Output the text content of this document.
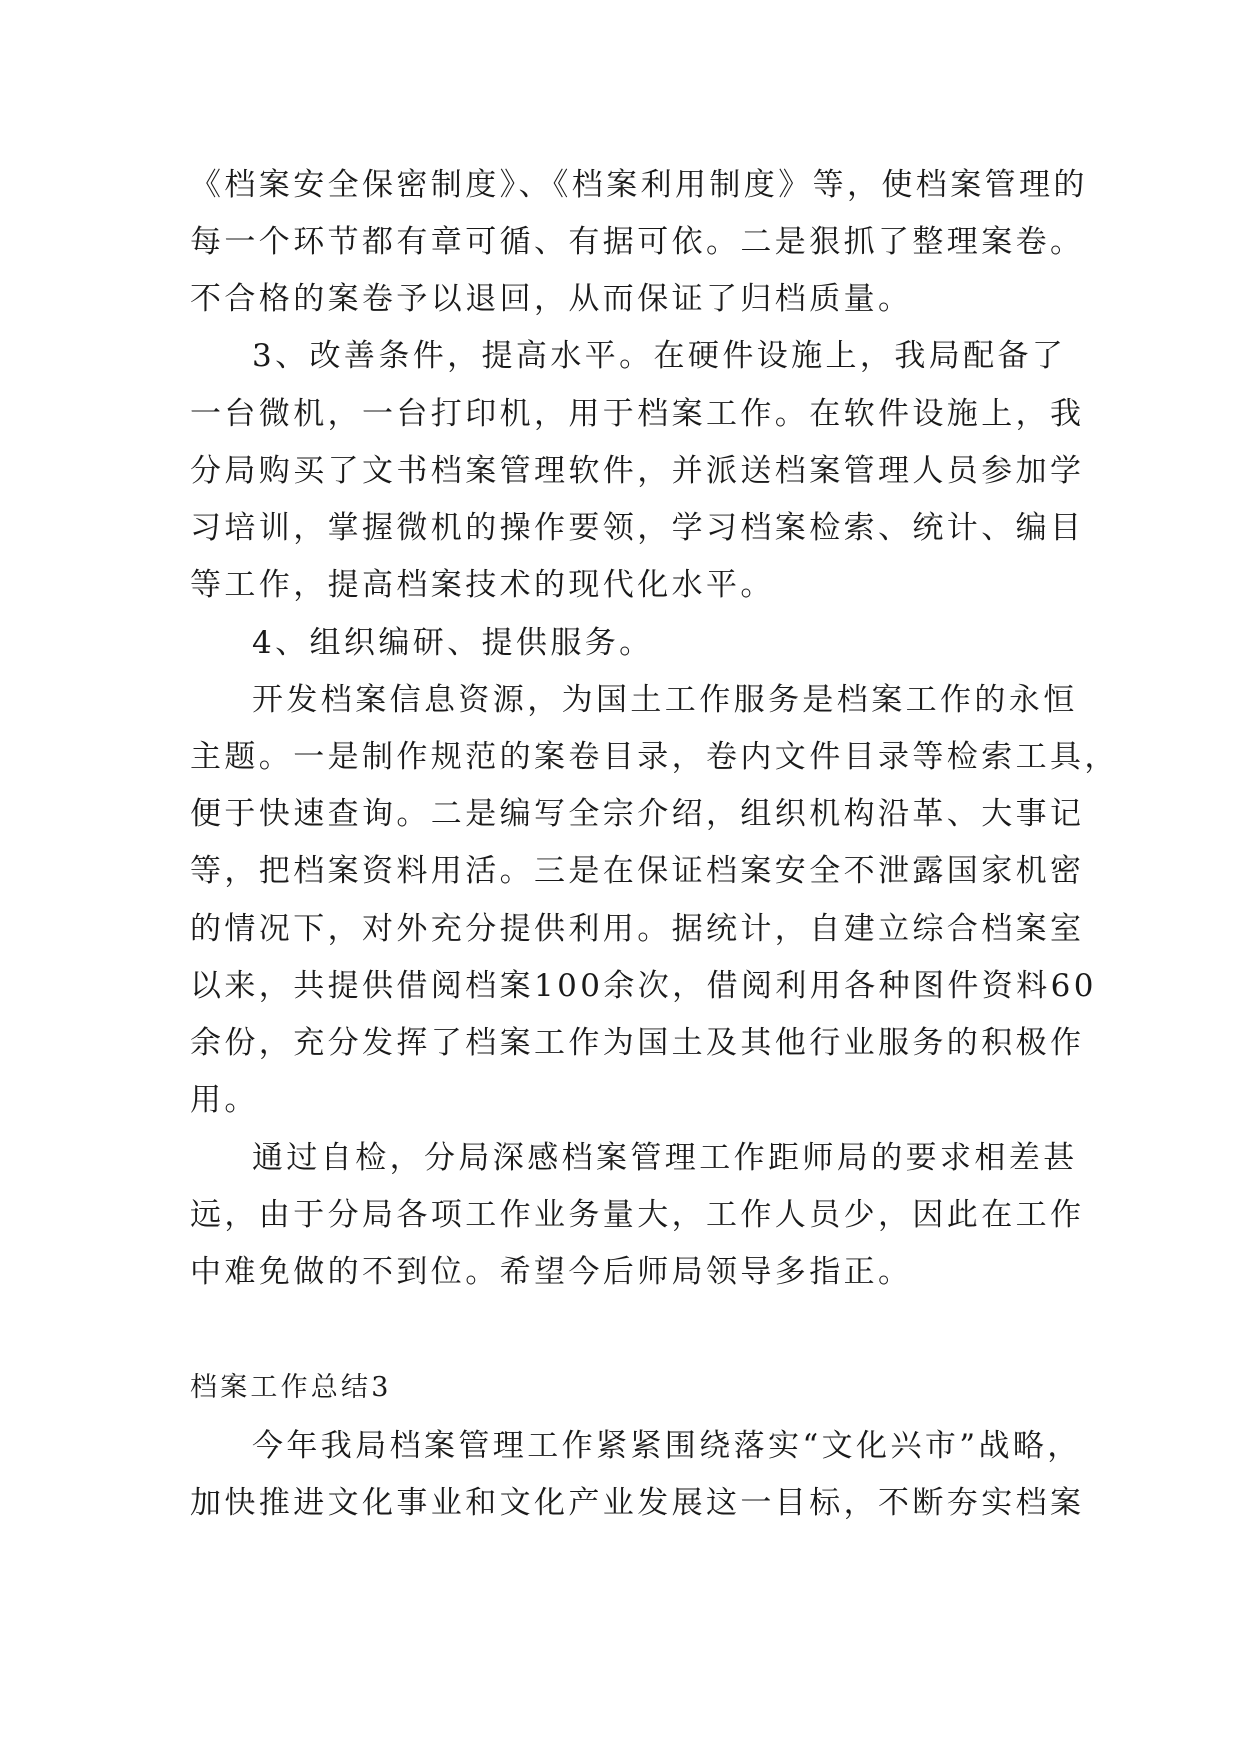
《档案安全保密制度》、《档案利用制度》等，使档案管理的
每一个环节都有章可循、有据可依。二是狠抓了整理案卷。
不合格的案卷予以退回，从而保证了归档质量。
3、改善条件，提高水平。在硬件设施上，我局配备了
一台微机，一台打印机，用于档案工作。在软件设施上，我
分局购买了文书档案管理软件，并派送档案管理人员参加学
习培训，掌握微机的操作要领，学习档案检索、统计、编目
等工作，提高档案技术的现代化水平。
4、组织编研、提供服务。
开发档案信息资源，为国土工作服务是档案工作的永恒
主题。一是制作规范的案卷目录，卷内文件目录等检索工具，
便于快速查询。二是编写全宗介绍，组织机构沿革、大事记
等，把档案资料用活。三是在保证档案安全不泄露国家机密
的情况下，对外充分提供利用。据统计，自建立综合档案室
以来，共提供借阅档案100余次，借阅利用各种图件资料60
余份，充分发挥了档案工作为国土及其他行业服务的积极作
用。
通过自检，分局深感档案管理工作距师局的要求相差甚
远，由于分局各项工作业务量大，工作人员少，因此在工作
中难免做的不到位。希望今后师局领导多指正。
档案工作总结3
今年我局档案管理工作紧紧围绕落实“文化兴市”战略，
加快推进文化事业和文化产业发展这一目标，不断夯实档案
